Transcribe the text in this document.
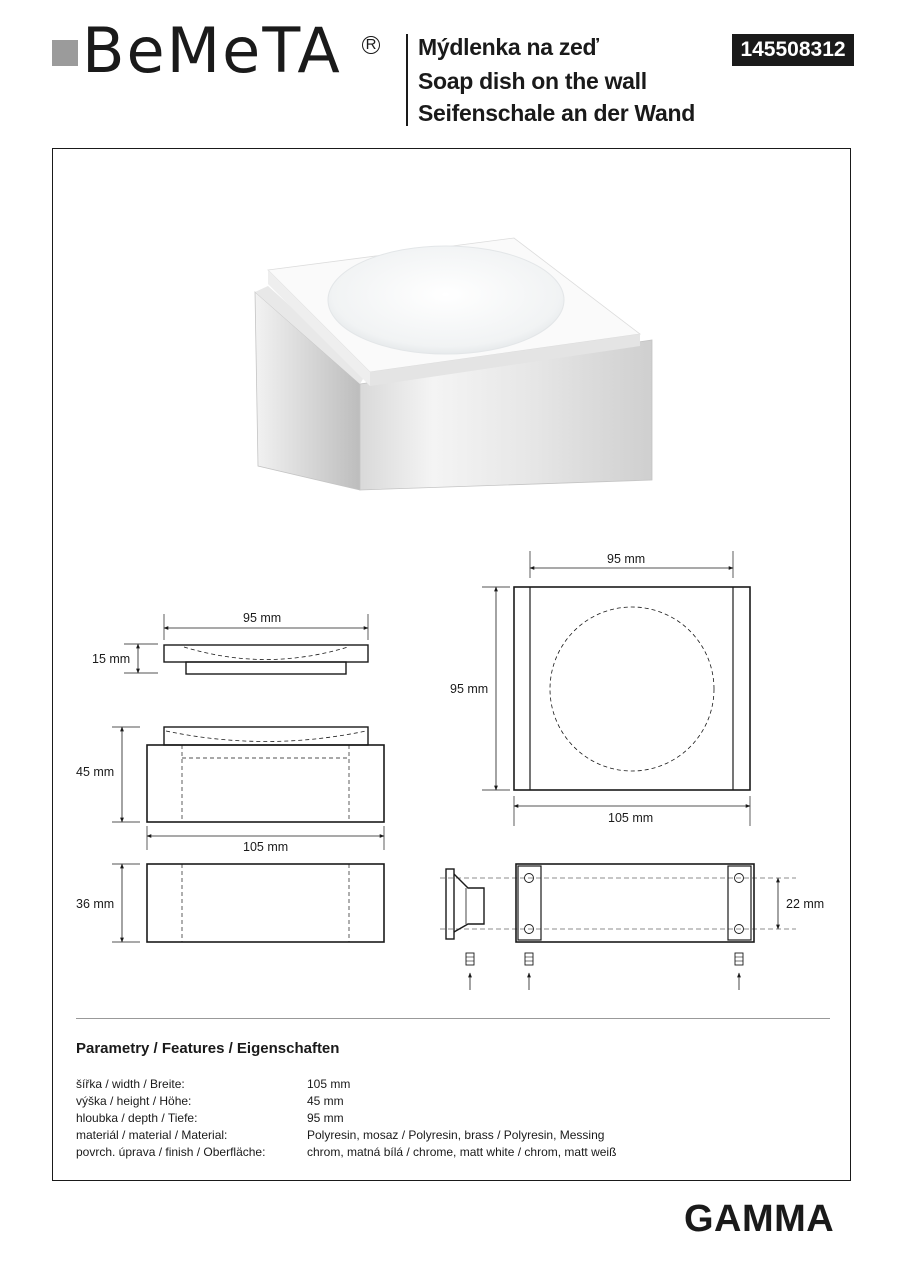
BeMeTA R Mýdlenka na zeď
Soap dish on the wall
Seifenschale an der Wand
145508312
95 mm
95 mm
105 mm
95 mm
15 mm
45 mm
105 mm
36 mm	22 mm
Parametry / Features / Eigenschaften
šířka / width / Breite:	105 mm
výška / height / Höhe:	45 mm
hloubka / depth / Tiefe:	95 mm
materiál / material / Material:	Polyresin, mosaz / Polyresin, brass / Polyresin, Messing
povrch. úprava / finish / Oberfläche:	chrom, matná bílá / chrome, matt white / chrom, matt weiß
GAMMA
